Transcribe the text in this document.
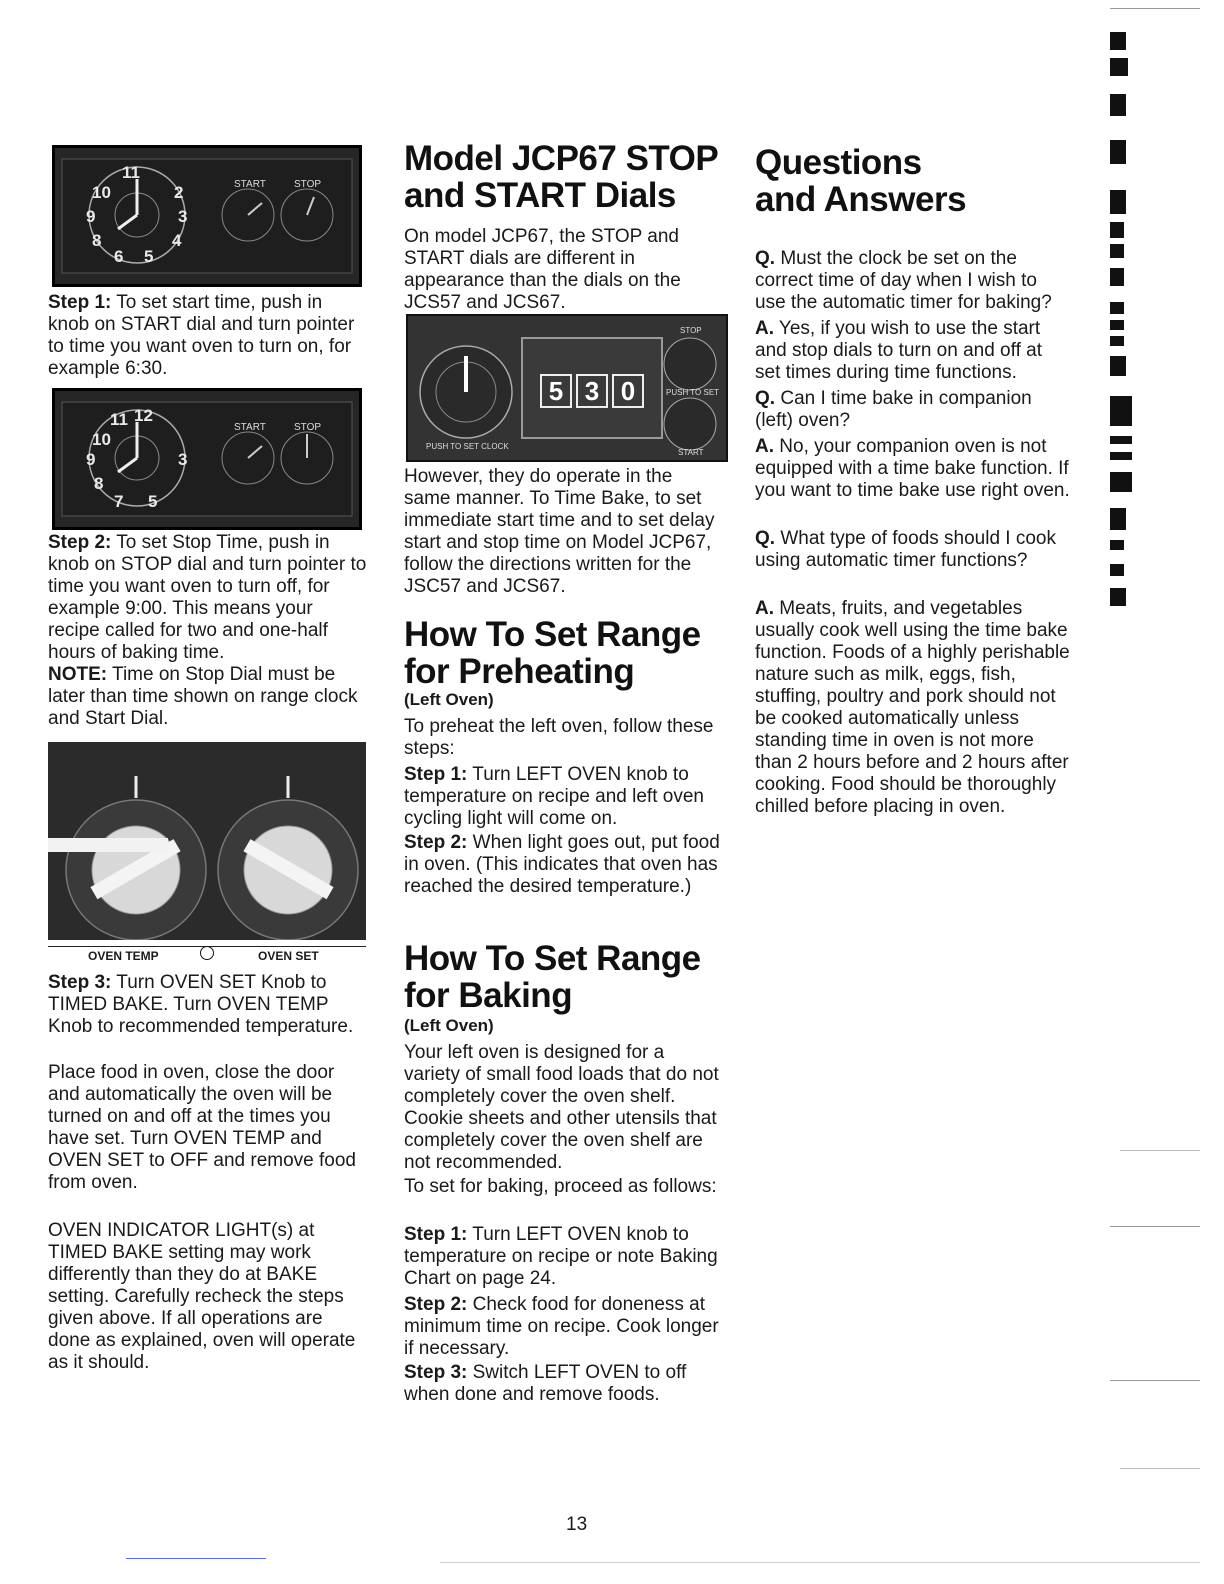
10
11
2
3
4
5
6
8
9
START	STOP

Step 1: To set start time, push in knob on START dial and turn pointer to time you want oven to turn on, for example 6:30.

11 12
10
3
9
8
7 5
START	STOP

Step 2: To set Stop Time, push in knob on STOP dial and turn pointer to time you want oven to turn off, for example 9:00. This means your recipe called for two and one-half hours of baking time.
NOTE: Time on Stop Dial must be later than time shown on range clock and Start Dial.

OVEN TEMP	OVEN SET

Step 3: Turn OVEN SET Knob to TIMED BAKE. Turn OVEN TEMP Knob to recommended temperature.

Place food in oven, close the door and automatically the oven will be turned on and off at the times you have set. Turn OVEN TEMP and OVEN SET to OFF and remove food from oven.

OVEN INDICATOR LIGHT(s) at TIMED BAKE setting may work differently than they do at BAKE setting. Carefully recheck the steps given above. If all operations are done as explained, oven will operate as it should.

Model JCP67 STOP and START Dials

On model JCP67, the STOP and START dials are different in appearance than the dials on the JCS57 and JCS67.

5 3 0
STOP
PUSH TO SET
PUSH TO SET CLOCK
START

However, they do operate in the same manner. To Time Bake, to set immediate start time and to set delay start and stop time on Model JCP67, follow the directions written for the JSC57 and JCS67.

How To Set Range for Preheating

(Left Oven)

To preheat the left oven, follow these steps:

Step 1: Turn LEFT OVEN knob to temperature on recipe and left oven cycling light will come on.

Step 2: When light goes out, put food in oven. (This indicates that oven has reached the desired temperature.)

How To Set Range for Baking

(Left Oven)

Your left oven is designed for a variety of small food loads that do not completely cover the oven shelf. Cookie sheets and other utensils that completely cover the oven shelf are not recommended.

To set for baking, proceed as follows:

Step 1: Turn LEFT OVEN knob to temperature on recipe or note Baking Chart on page 24.

Step 2: Check food for doneness at minimum time on recipe. Cook longer if necessary.

Step 3: Switch LEFT OVEN to off when done and remove foods.

Questions and Answers

Q. Must the clock be set on the correct time of day when I wish to use the automatic timer for baking?

A. Yes, if you wish to use the start and stop dials to turn on and off at set times during time functions.

Q. Can I time bake in companion (left) oven?

A. No, your companion oven is not equipped with a time bake function. If you want to time bake use right oven.

Q. What type of foods should I cook using automatic timer functions?

A. Meats, fruits, and vegetables usually cook well using the time bake function. Foods of a highly perishable nature such as milk, eggs, fish, stuffing, poultry and pork should not be cooked automatically unless standing time in oven is not more than 2 hours before and 2 hours after cooking. Food should be thoroughly chilled before placing in oven.

13
